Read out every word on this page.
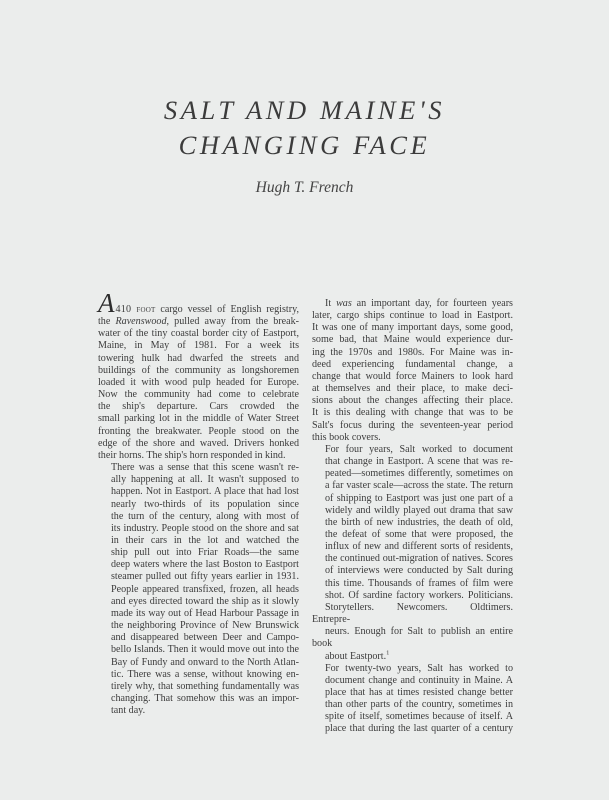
SALT AND MAINE'S
CHANGING FACE
Hugh T. French

A410 foot cargo vessel of English registry,
the Ravenswood, pulled away from the break-
water of the tiny coastal border city of Eastport,
Maine, in May of 1981. For a week its
towering hulk had dwarfed the streets and
buildings of the community as longshoremen
loaded it with wood pulp headed for Europe.
Now the community had come to celebrate
the ship's departure. Cars crowded the
small parking lot in the middle of Water Street
fronting the breakwater. People stood on the
edge of the shore and waved. Drivers honked
their horns. The ship's horn responded in kind.

There was a sense that this scene wasn't re-
ally happening at all. It wasn't supposed to
happen. Not in Eastport. A place that had lost
nearly two-thirds of its population since
the turn of the century, along with most of
its industry. People stood on the shore and sat
in their cars in the lot and watched the
ship pull out into Friar Roads—the same
deep waters where the last Boston to Eastport
steamer pulled out fifty years earlier in 1931.
People appeared transfixed, frozen, all heads
and eyes directed toward the ship as it slowly
made its way out of Head Harbour Passage in
the neighboring Province of New Brunswick
and disappeared between Deer and Campo-
bello Islands. Then it would move out into the
Bay of Fundy and onward to the North Atlan-
tic. There was a sense, without knowing en-
tirely why, that something fundamentally was
changing. That somehow this was an impor-
tant day.

It was an important day, for fourteen years
later, cargo ships continue to load in Eastport.
It was one of many important days, some good,
some bad, that Maine would experience dur-
ing the 1970s and 1980s. For Maine was in-
deed experiencing fundamental change, a
change that would force Mainers to look hard
at themselves and their place, to make deci-
sions about the changes affecting their place.
It is this dealing with change that was to be
Salt's focus during the seventeen-year period
this book covers.

For four years, Salt worked to document
that change in Eastport. A scene that was re-
peated—sometimes differently, sometimes on
a far vaster scale—across the state. The return
of shipping to Eastport was just one part of a
widely and wildly played out drama that saw
the birth of new industries, the death of old,
the defeat of some that were proposed, the
influx of new and different sorts of residents,
the continued out-migration of natives. Scores
of interviews were conducted by Salt during
this time. Thousands of frames of film were
shot. Of sardine factory workers. Politicians.
Storytellers. Newcomers. Oldtimers. Entrepre-
neurs. Enough for Salt to publish an entire book
about Eastport.$^1$

For twenty-two years, Salt has worked to
document change and continuity in Maine. A
place that has at times resisted change better
than other parts of the country, sometimes in
spite of itself, sometimes because of itself. A
place that during the last quarter of a century
